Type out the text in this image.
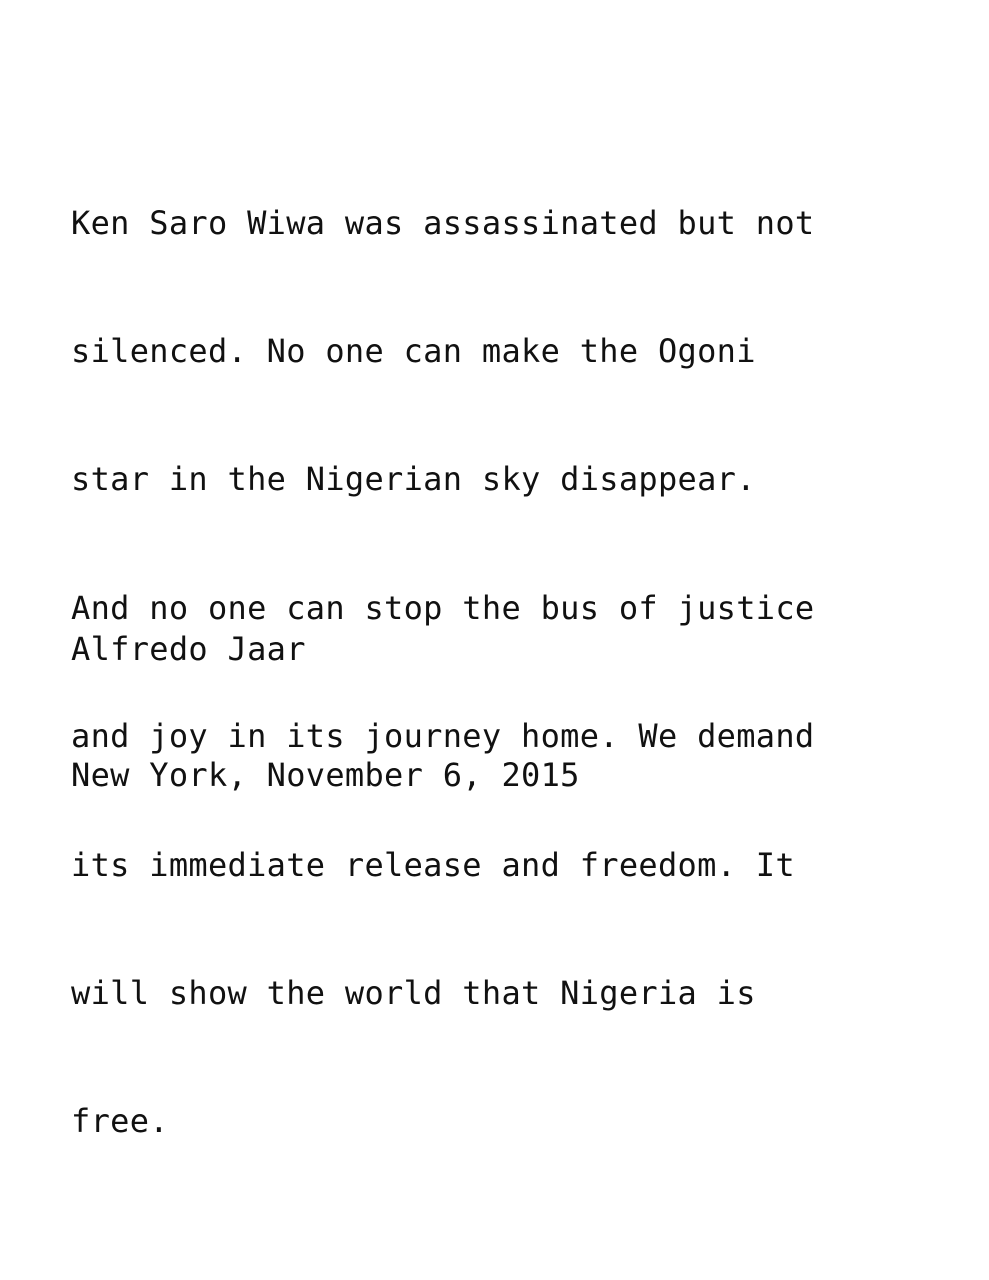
Ken Saro Wiwa was assassinated but not

silenced. No one can make the Ogoni

star in the Nigerian sky disappear.

And no one can stop the bus of justice

and joy in its journey home. We demand

its immediate release and freedom. It

will show the world that Nigeria is

free.

Alfredo Jaar

New York, November 6, 2015
